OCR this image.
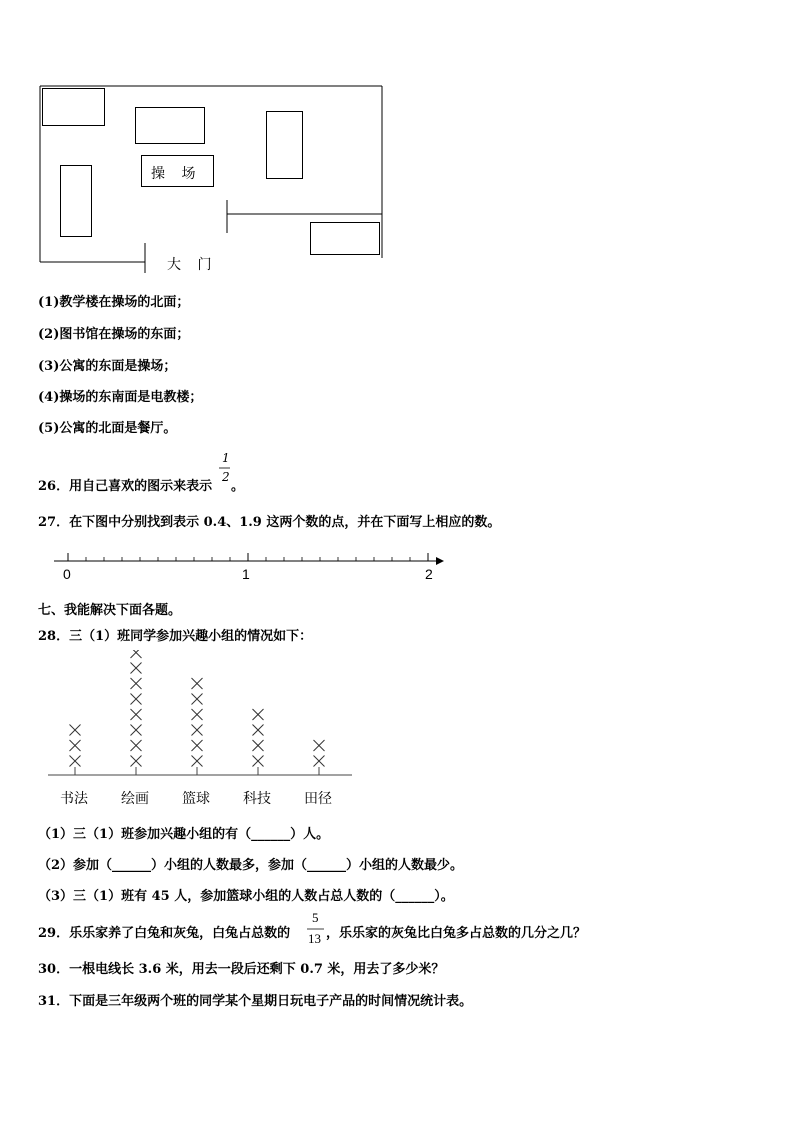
操 场
大 门
(1)教学楼在操场的北面；
(2)图书馆在操场的东面；
(3)公寓的东面是操场；
(4)操场的东南面是电教楼；
(5)公寓的北面是餐厅。
26．用自己喜欢的图示来表示
1
2
。
27．在下图中分别找到表示 0.4、1.9 这两个数的点，并在下面写上相应的数。
0	1	2
七、我能解决下面各题。
28．三（1）班同学参加兴趣小组的情况如下：
书法 绘画 篮球 科技 田径
（1）三（1）班参加兴趣小组的有（______）人。
（2）参加（______）小组的人数最多，参加（______）小组的人数最少。
（3）三（1）班有 45 人，参加篮球小组的人数占总人数的（______）。
29．乐乐家养了白兔和灰兔，白兔占总数的
5
13 ，乐乐家的灰兔比白兔多占总数的几分之几？
30．一根电线长 3.6 米，用去一段后还剩下 0.7 米，用去了多少米？
31．下面是三年级两个班的同学某个星期日玩电子产品的时间情况统计表。
